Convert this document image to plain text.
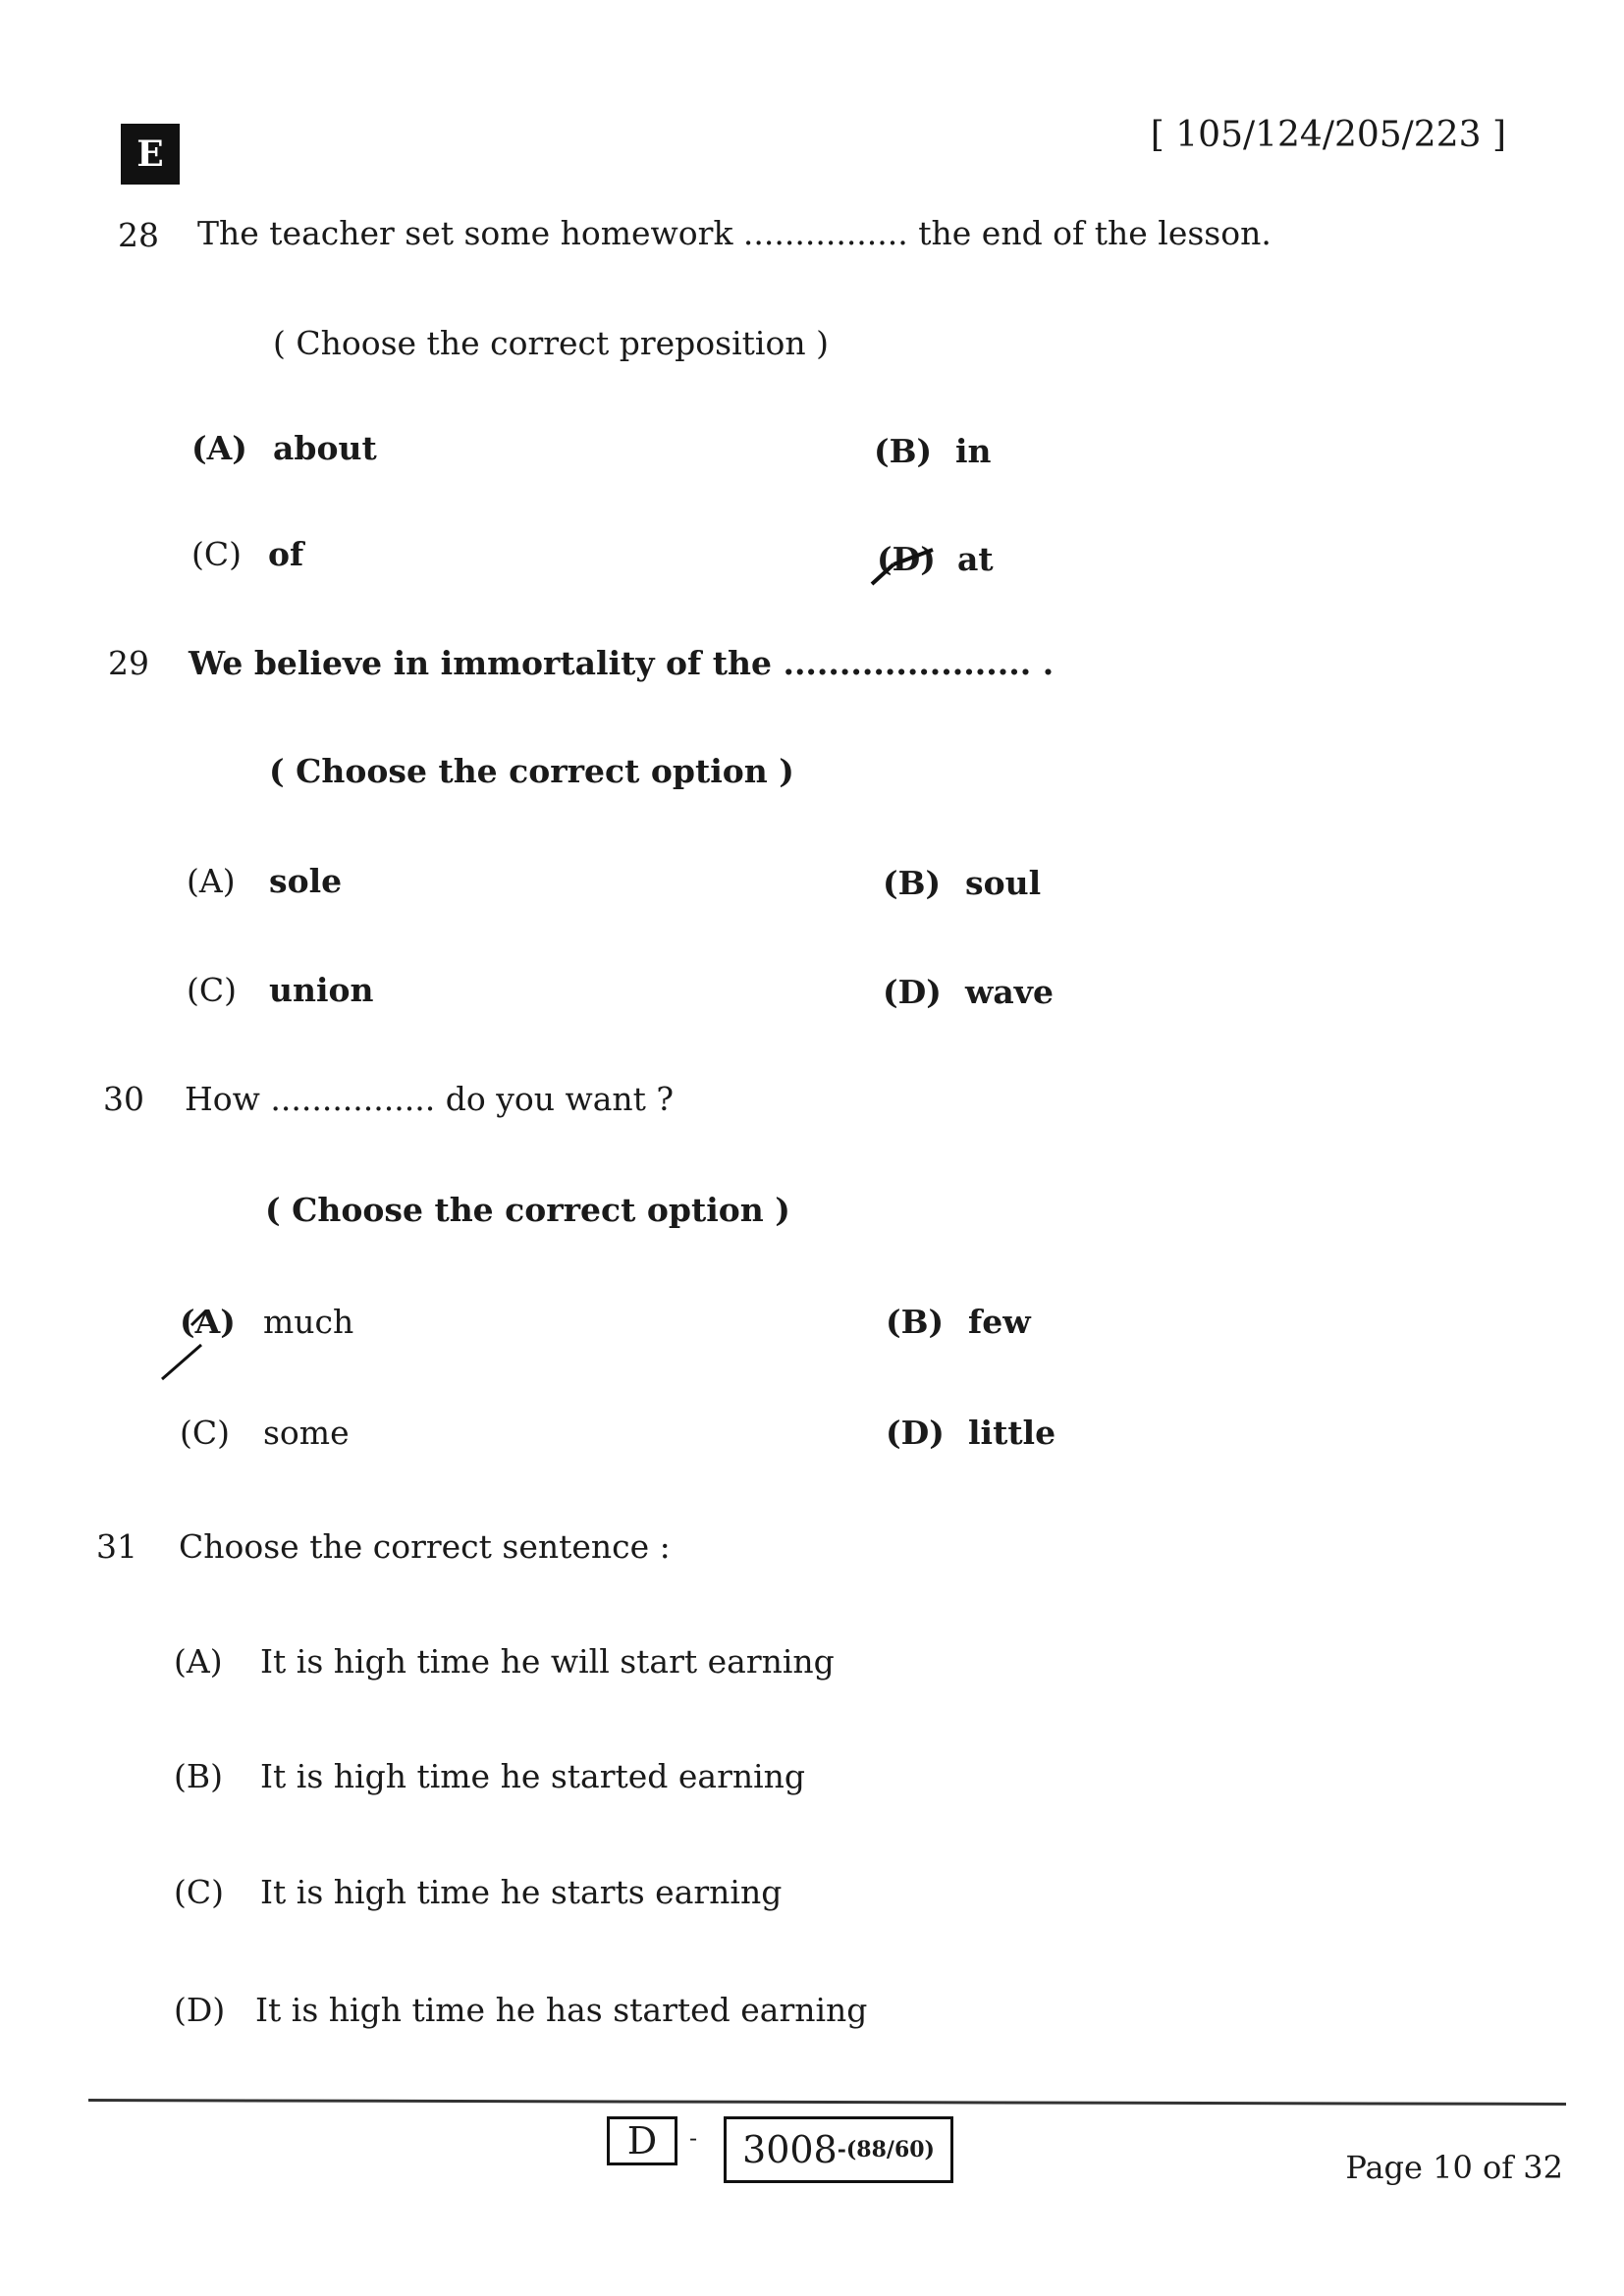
E	[ 105/124/205/223 ]
28 The teacher set some homework ................ the end of the lesson.
( Choose the correct preposition )
(A) about	(B) in
(C) of	(D) at
29 We believe in immortality of the ...................... .
( Choose the correct option )
(A) sole	(B) soul
(C) union	(D) wave
30 How ................ do you want ?
( Choose the correct option )
(A) much	(B) few
(C) some	(D) little
31 Choose the correct sentence :
(A) It is high time he will start earning
(B) It is high time he started earning
(C) It is high time he starts earning
(D) It is high time he has started earning
D	- 3008 -(88/60)	Page 10 of 32
